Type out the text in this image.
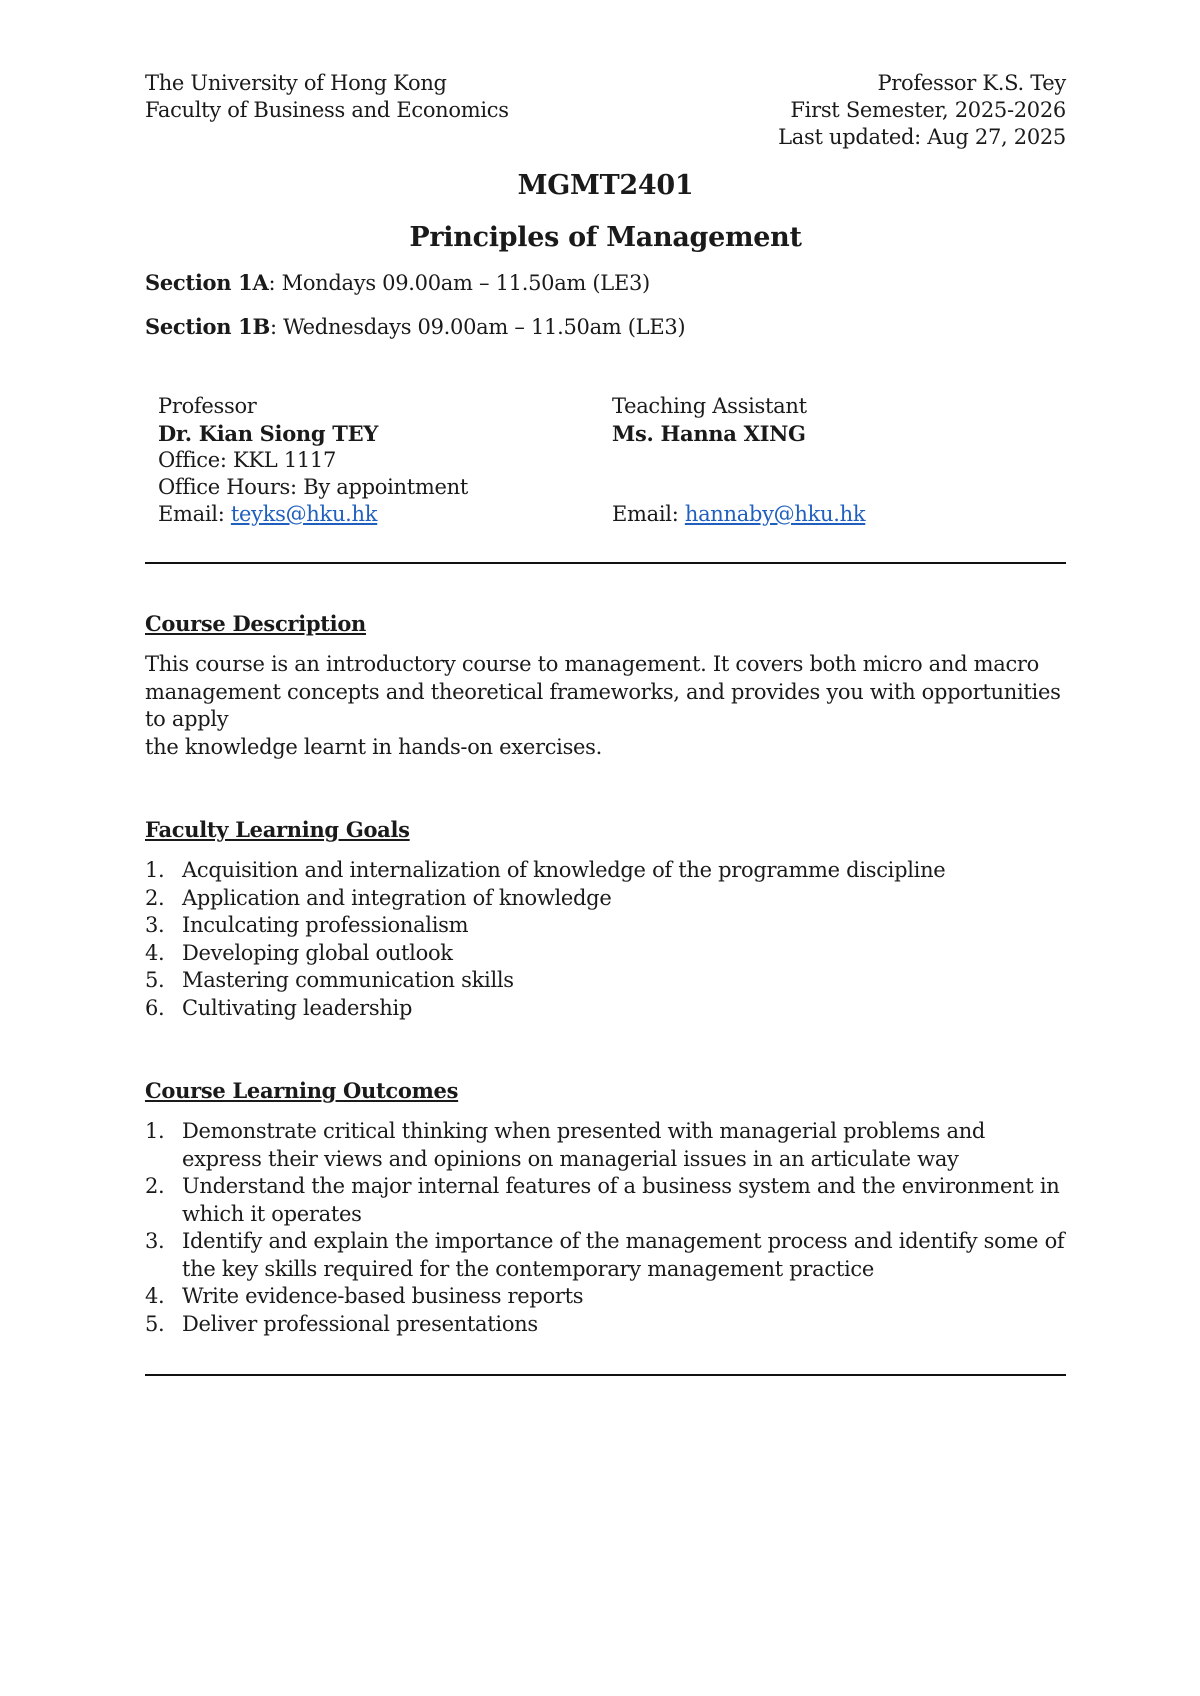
The University of Hong Kong
Faculty of Business and Economics
Professor K.S. Tey
First Semester, 2025-2026
Last updated: Aug 27, 2025
MGMT2401
Principles of Management
Section 1A: Mondays 09.00am – 11.50am (LE3)
Section 1B: Wednesdays 09.00am – 11.50am (LE3)
Professor
Dr. Kian Siong TEY
Office: KKL 1117
Office Hours: By appointment
Email: teyks@hku.hk
Teaching Assistant
Ms. Hanna XING
Email: hannaby@hku.hk
Course Description
This course is an introductory course to management. It covers both micro and macro
management concepts and theoretical frameworks, and provides you with opportunities to apply
the knowledge learnt in hands-on exercises.
Faculty Learning Goals
1. Acquisition and internalization of knowledge of the programme discipline
2. Application and integration of knowledge
3. Inculcating professionalism
4. Developing global outlook
5. Mastering communication skills
6. Cultivating leadership
Course Learning Outcomes
1. Demonstrate critical thinking when presented with managerial problems and express their views and opinions on managerial issues in an articulate way
2. Understand the major internal features of a business system and the environment in which it operates
3. Identify and explain the importance of the management process and identify some of the key skills required for the contemporary management practice
4. Write evidence-based business reports
5. Deliver professional presentations
